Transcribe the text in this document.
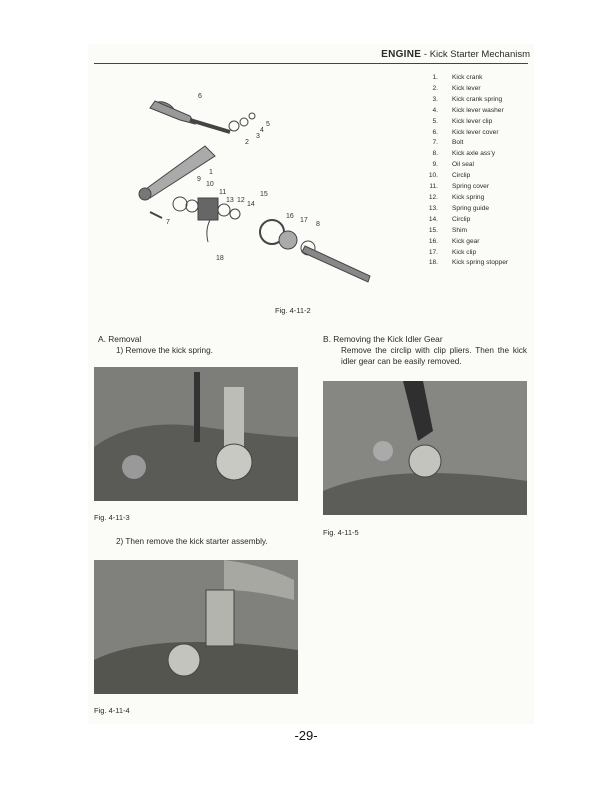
ENGINE - Kick Starter Mechanism
6
5
4
3
2
1
9
10
11
13 12
14
15
16
17
8
7
18
1. Kick crank
2. Kick lever
3. Kick crank spring
4. Kick lever washer
5. Kick lever clip
6. Kick lever cover
7. Bolt
8. Kick axle ass'y
9. Oil seal
10. Circlip
11. Spring cover
12. Kick spring
13. Spring guide
14. Circlip
15. Shim
16. Kick gear
17. Kick clip
18. Kick spring stopper
Fig. 4-11-2
A. Removal
1) Remove the kick spring.
Fig. 4-11-3
2) Then remove the kick starter assembly.
Fig. 4-11-4
B. Removing the Kick Idler Gear
Remove the circlip with clip pliers. Then the kick idler gear can be easily removed.
Fig. 4-11-5
-29-
